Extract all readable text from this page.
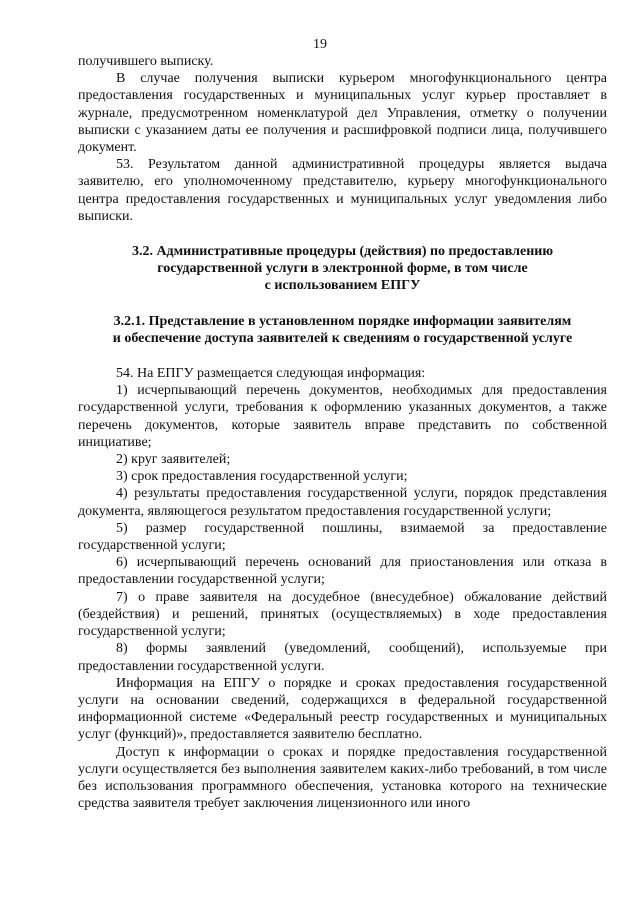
19

получившего выписку.

В случае получения выписки курьером многофункционального центра предоставления государственных и муниципальных услуг курьер проставляет в журнале, предусмотренном номенклатурой дел Управления, отметку о получении выписки с указанием даты ее получения и расшифровкой подписи лица, получившего документ.

53. Результатом данной административной процедуры является выдача заявителю, его уполномоченному представителю, курьеру многофункционального центра предоставления государственных и муниципальных услуг уведомления либо выписки.

3.2. Административные процедуры (действия) по предоставлению
государственной услуги в электронной форме, в том числе
с использованием ЕПГУ

3.2.1. Представление в установленном порядке информации заявителям
и обеспечение доступа заявителей к сведениям о государственной услуге

54. На ЕПГУ размещается следующая информация:

1) исчерпывающий перечень документов, необходимых для предоставления государственной услуги, требования к оформлению указанных документов, а также перечень документов, которые заявитель вправе представить по собственной инициативе;

2) круг заявителей;

3) срок предоставления государственной услуги;

4) результаты предоставления государственной услуги, порядок представления документа, являющегося результатом предоставления государственной услуги;

5) размер государственной пошлины, взимаемой за предоставление государственной услуги;

6) исчерпывающий перечень оснований для приостановления или отказа в предоставлении государственной услуги;

7) о праве заявителя на досудебное (внесудебное) обжалование действий (бездействия) и решений, принятых (осуществляемых) в ходе предоставления государственной услуги;

8) формы заявлений (уведомлений, сообщений), используемые при предоставлении государственной услуги.

Информация на ЕПГУ о порядке и сроках предоставления государственной услуги на основании сведений, содержащихся в федеральной государственной информационной системе «Федеральный реестр государственных и муниципальных услуг (функций)», предоставляется заявителю бесплатно.

Доступ к информации о сроках и порядке предоставления государственной услуги осуществляется без выполнения заявителем каких-либо требований, в том числе без использования программного обеспечения, установка которого на технические средства заявителя требует заключения лицензионного или иного
